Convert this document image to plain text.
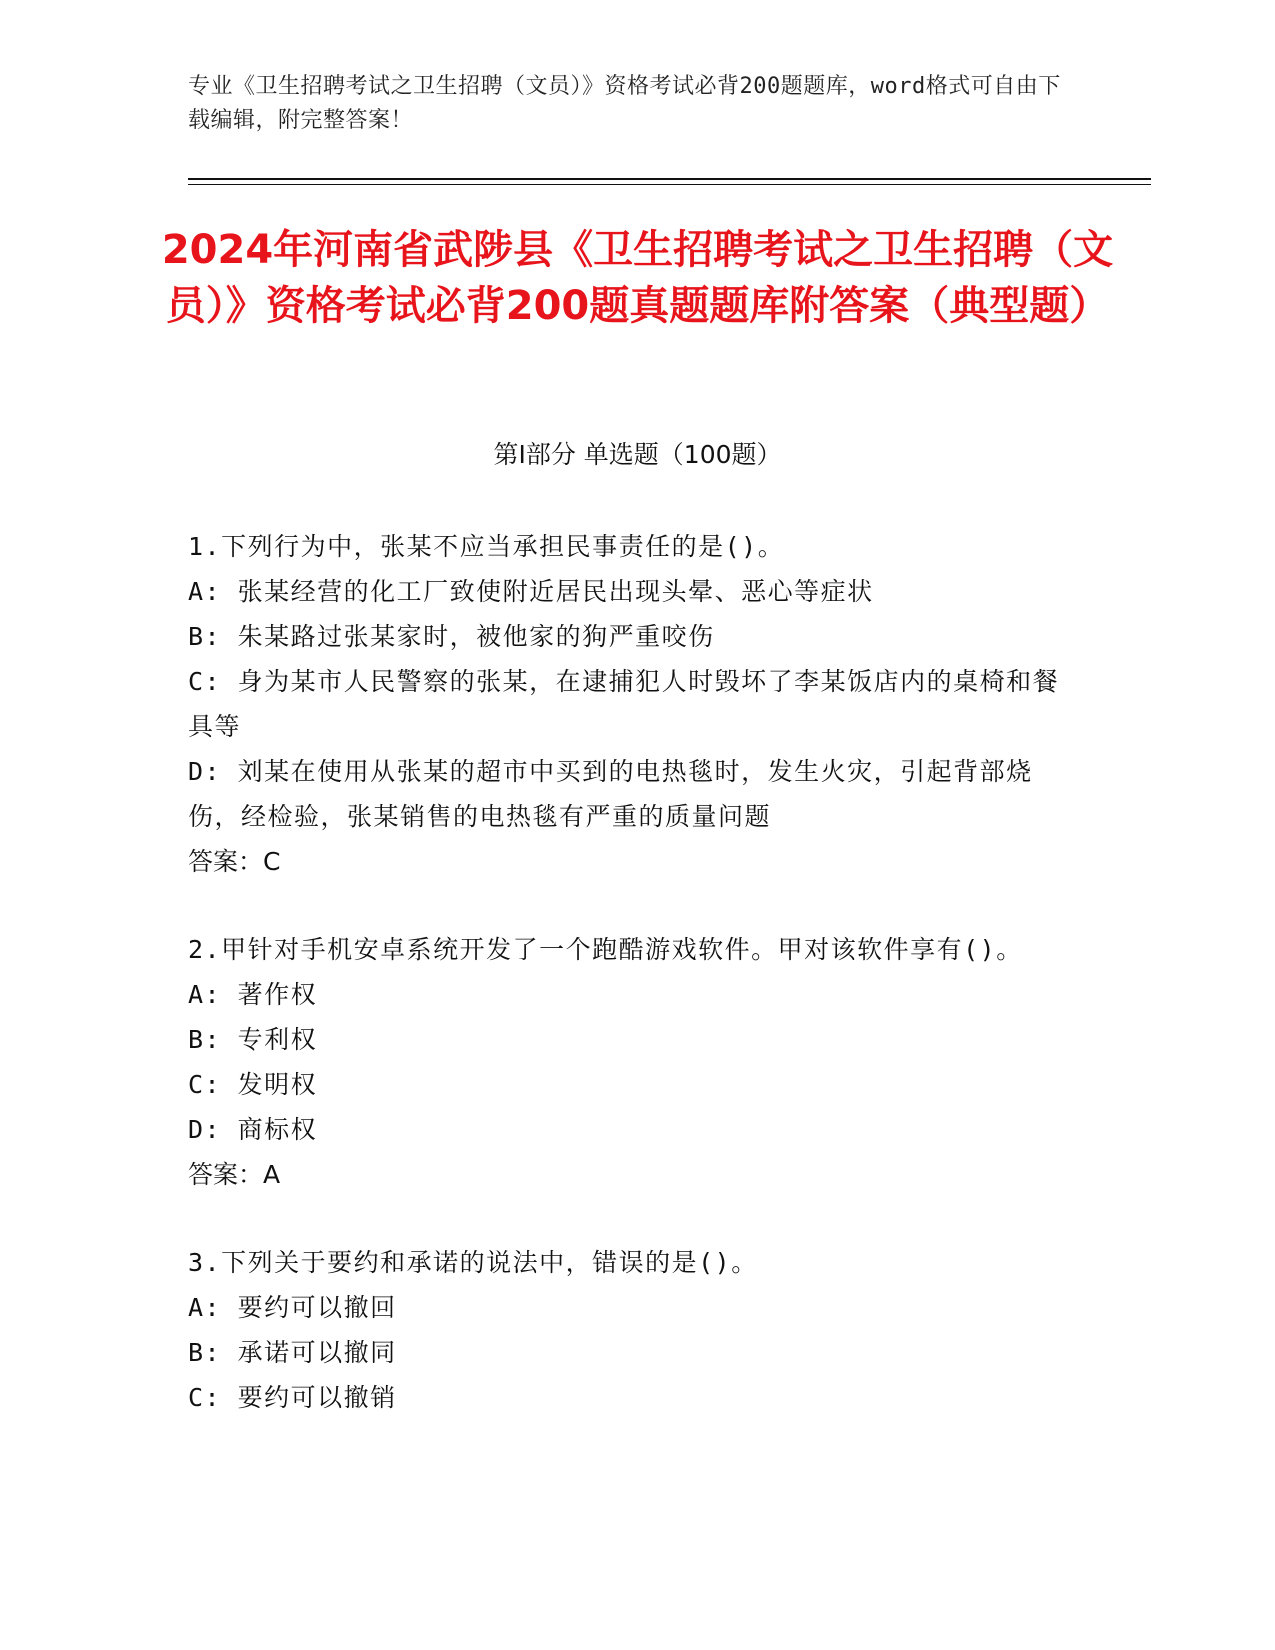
专业《卫生招聘考试之卫生招聘（文员）》资格考试必背200题题库，word格式可自由下载编辑，附完整答案！
2024年河南省武陟县《卫生招聘考试之卫生招聘（文员）》资格考试必背200题真题题库附答案（典型题）
第I部分 单选题（100题）
1.下列行为中，张某不应当承担民事责任的是()。
A: 张某经营的化工厂致使附近居民出现头晕、恶心等症状
B: 朱某路过张某家时，被他家的狗严重咬伤
C: 身为某市人民警察的张某，在逮捕犯人时毁坏了李某饭店内的桌椅和餐具等
D: 刘某在使用从张某的超市中买到的电热毯时，发生火灾，引起背部烧伤，经检验，张某销售的电热毯有严重的质量问题
答案：C
2.甲针对手机安卓系统开发了一个跑酷游戏软件。甲对该软件享有()。
A: 著作权
B: 专利权
C: 发明权
D: 商标权
答案：A
3.下列关于要约和承诺的说法中，错误的是()。
A: 要约可以撤回
B: 承诺可以撤同
C: 要约可以撤销
